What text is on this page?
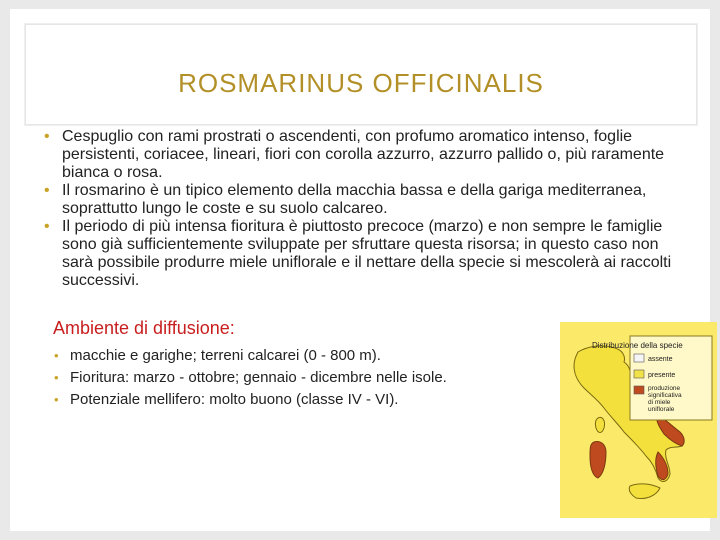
ROSMARINUS OFFICINALIS
• Cespuglio con rami prostrati o ascendenti, con profumo aromatico intenso, foglie persistenti, coriacee, lineari, fiori con corolla azzurro, azzurro pallido o, più raramente bianca o rosa.
• Il rosmarino è un tipico elemento della macchia bassa e della gariga mediterranea, soprattutto lungo le coste e su suolo calcareo.
• Il periodo di più intensa fioritura è piuttosto precoce (marzo) e non sempre le famiglie sono già sufficientemente sviluppate per sfruttare questa risorsa; in questo caso non sarà possibile produrre miele uniflorale e il nettare della specie si mescolerà ai raccolti successivi.
Ambiente di diffusione:
• macchie e garighe; terreni calcarei (0 - 800 m).
• Fioritura: marzo - ottobre; gennaio - dicembre nelle isole.
• Potenziale mellifero: molto buono (classe IV - VI).
Distribuzione della specie
assente
presente
produzione significativa di miele uniflorale
